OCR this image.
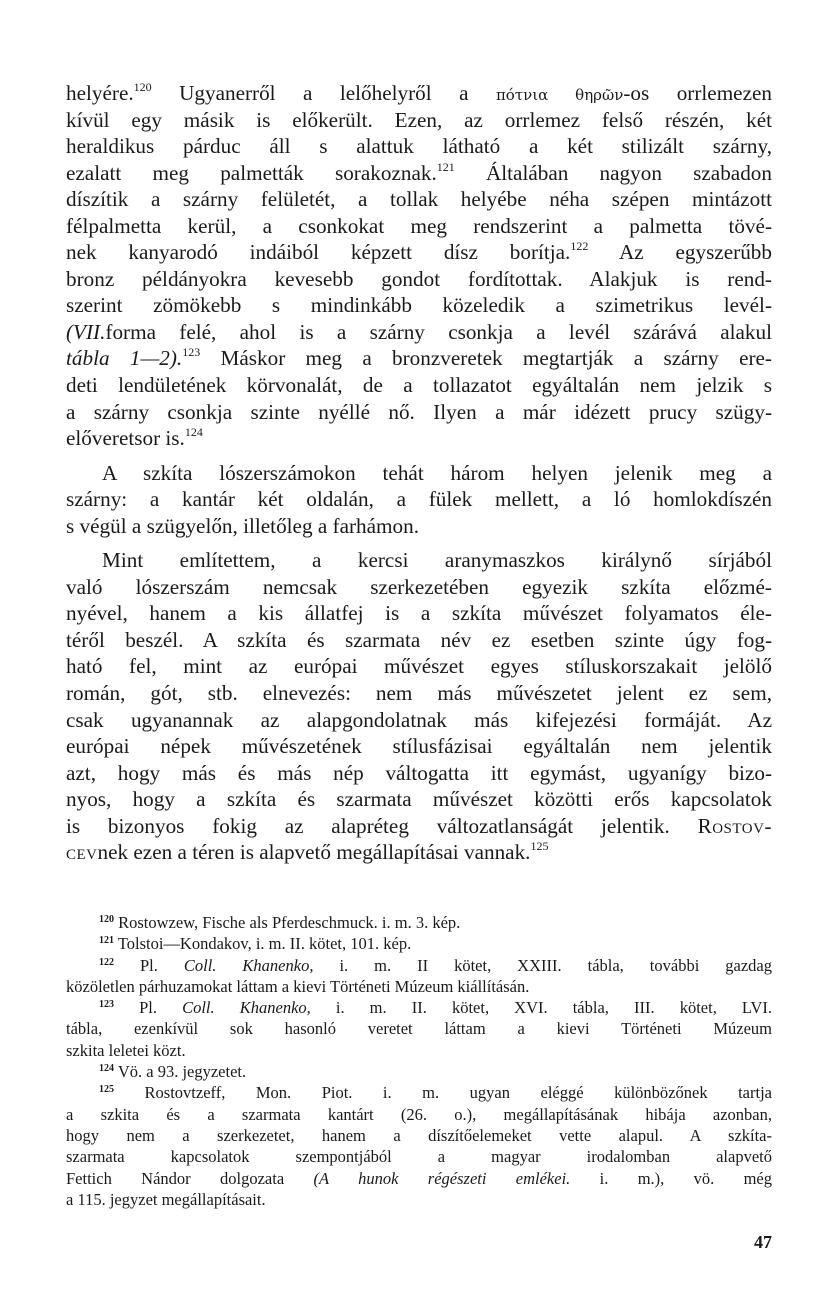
helyére.$^{120}$ Ugyanerről a lelőhelyről a πότνια θηρῶν-os orrlemezen
kívül egy másik is előkerült. Ezen, az orrlemez felső részén, két
heraldikus párduc áll s alattuk látható a két stilizált szárny,
ezalatt meg palmetták sorakoznak.$^{121}$ Általában nagyon szabadon
díszítik a szárny felületét, a tollak helyébe néha szépen mintázott
félpalmetta kerül, a csonkokat meg rendszerint a palmetta tövé-
nek kanyarodó indáiból képzett dísz borítja.$^{122}$ Az egyszerűbb
bronz példányokra kevesebb gondot fordítottak. Alakjuk is rend-
szerint zömökebb s mindinkább közeledik a szimetrikus levél-
(VII.forma felé, ahol is a szárny csonkja a levél szárává alakul
tábla 1—2).$^{123}$ Máskor meg a bronzveretek megtartják a szárny ere-
deti lendületének körvonalát, de a tollazatot egyáltalán nem jelzik s
a szárny csonkja szinte nyéllé nő. Ilyen a már idézett prucy szügy-
előveretsor is.$^{124}$
A szkíta lószerszámokon tehát három helyen jelenik meg a
szárny: a kantár két oldalán, a fülek mellett, a ló homlokdíszén
s végül a szügyelőn, illetőleg a farhámon.
Mint említettem, a kercsi aranymaszkos királynő sírjából
való lószerszám nemcsak szerkezetében egyezik szkíta előzmé-
nyével, hanem a kis állatfej is a szkíta művészet folyamatos éle-
téről beszél. A szkíta és szarmata név ez esetben szinte úgy fog-
ható fel, mint az európai művészet egyes stíluskorszakait jelölő
román, gót, stb. elnevezés: nem más művészetet jelent ez sem,
csak ugyanannak az alapgondolatnak más kifejezési formáját. Az
európai népek művészetének stílusfázisai egyáltalán nem jelentik
azt, hogy más és más nép váltogatta itt egymást, ugyanígy bizo-
nyos, hogy a szkíta és szarmata művészet közötti erős kapcsolatok
is bizonyos fokig az alapréteg változatlanságát jelentik. Rostov-
cevnek ezen a téren is alapvető megállapításai vannak.$^{125}$
$^{120}$ Rostowzew, Fische als Pferdeschmuck. i. m. 3. kép.
$^{121}$ Tolstoi—Kondakov, i. m. II. kötet, 101. kép.
$^{122}$ Pl. Coll. Khanenko, i. m. II kötet, XXIII. tábla, további gazdag
közöletlen párhuzamokat láttam a kievi Történeti Múzeum kiállításán.
$^{123}$ Pl. Coll. Khanenko, i. m. II. kötet, XVI. tábla, III. kötet, LVI.
tábla, ezenkívül sok hasonló veretet láttam a kievi Történeti Múzeum
szkita leletei közt.
$^{124}$ Vö. a 93. jegyzetet.
$^{125}$ Rostovtzeff, Mon. Piot. i. m. ugyan eléggé különbözőnek tartja
a szkita és a szarmata kantárt (26. o.), megállapításának hibája azonban,
hogy nem a szerkezetet, hanem a díszítőelemeket vette alapul. A szkíta-
szarmata kapcsolatok szempontjából a magyar irodalomban alapvető
Fettich Nándor dolgozata (A hunok régészeti emlékei. i. m.), vö. még
a 115. jegyzet megállapításait.
47
